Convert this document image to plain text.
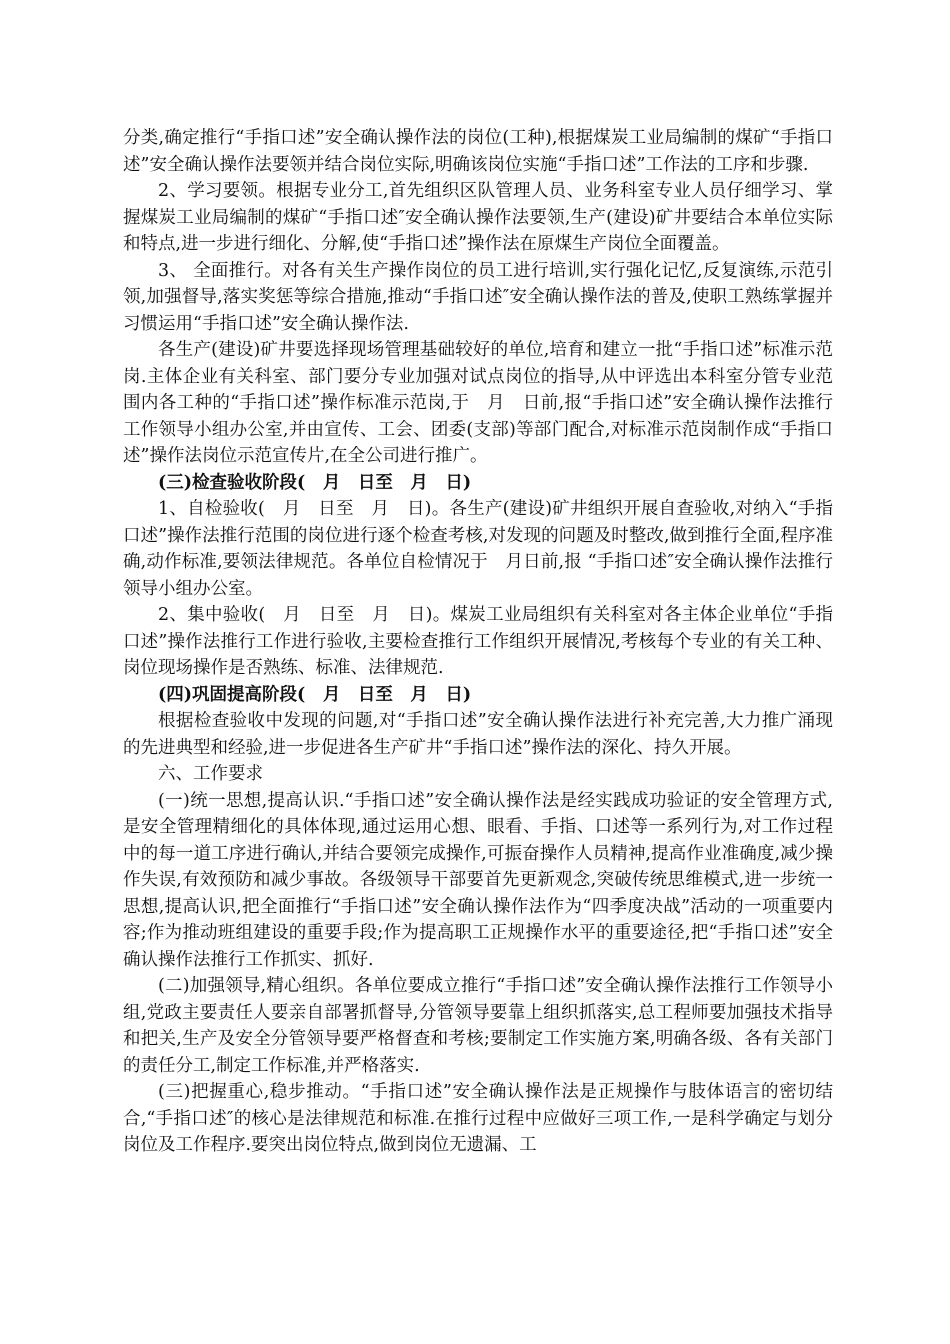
分类,确定推行“手指口述”安全确认操作法的岗位(工种),根据煤炭工业局编制的煤矿“手指口述”安全确认操作法要领并结合岗位实际,明确该岗位实施“手指口述”工作法的工序和步骤.

2、学习要领。根据专业分工,首先组织区队管理人员、业务科室专业人员仔细学习、掌握煤炭工业局编制的煤矿“手指口述″安全确认操作法要领,生产(建设)矿井要结合本单位实际和特点,进一步进行细化、分解,使“手指口述”操作法在原煤生产岗位全面覆盖。

3、 全面推行。对各有关生产操作岗位的员工进行培训,实行强化记忆,反复演练,示范引领,加强督导,落实奖惩等综合措施,推动“手指口述″安全确认操作法的普及,使职工熟练掌握并习惯运用“手指口述”安全确认操作法.

各生产(建设)矿井要选择现场管理基础较好的单位,培育和建立一批“手指口述”标准示范岗.主体企业有关科室、部门要分专业加强对试点岗位的指导,从中评选出本科室分管专业范围内各工种的“手指口述”操作标准示范岗,于　月　日前,报“手指口述”安全确认操作法推行工作领导小组办公室,并由宣传、工会、团委(支部)等部门配合,对标准示范岗制作成“手指口述”操作法岗位示范宣传片,在全公司进行推广。

(三)检查验收阶段(　月　日至　月　日)

1、自检验收(　月　日至　月　日)。各生产(建设)矿井组织开展自查验收,对纳入“手指口述”操作法推行范围的岗位进行逐个检查考核,对发现的问题及时整改,做到推行全面,程序准确,动作标准,要领法律规范。各单位自检情况于　月日前,报 “手指口述″安全确认操作法推行领导小组办公室。

2、集中验收(　月　日至　月　日)。煤炭工业局组织有关科室对各主体企业单位“手指口述”操作法推行工作进行验收,主要检查推行工作组织开展情况,考核每个专业的有关工种、岗位现场操作是否熟练、标准、法律规范.

(四)巩固提高阶段(　月　日至　月　日)

根据检查验收中发现的问题,对“手指口述”安全确认操作法进行补充完善,大力推广涌现的先进典型和经验,进一步促进各生产矿井“手指口述”操作法的深化、持久开展。

六、工作要求

(一)统一思想,提高认识.“手指口述”安全确认操作法是经实践成功验证的安全管理方式,是安全管理精细化的具体体现,通过运用心想、眼看、手指、口述等一系列行为,对工作过程中的每一道工序进行确认,并结合要领完成操作,可振奋操作人员精神,提高作业准确度,减少操作失误,有效预防和减少事故。各级领导干部要首先更新观念,突破传统思维模式,进一步统一思想,提高认识,把全面推行“手指口述”安全确认操作法作为“四季度决战”活动的一项重要内容;作为推动班组建设的重要手段;作为提高职工正规操作水平的重要途径,把“手指口述”安全确认操作法推行工作抓实、抓好.

(二)加强领导,精心组织。各单位要成立推行“手指口述”安全确认操作法推行工作领导小组,党政主要责任人要亲自部署抓督导,分管领导要靠上组织抓落实,总工程师要加强技术指导和把关,生产及安全分管领导要严格督查和考核;要制定工作实施方案,明确各级、各有关部门的责任分工,制定工作标准,并严格落实.

(三)把握重心,稳步推动。“手指口述”安全确认操作法是正规操作与肢体语言的密切结合,“手指口述″的核心是法律规范和标准.在推行过程中应做好三项工作,一是科学确定与划分岗位及工作程序.要突出岗位特点,做到岗位无遗漏、工
